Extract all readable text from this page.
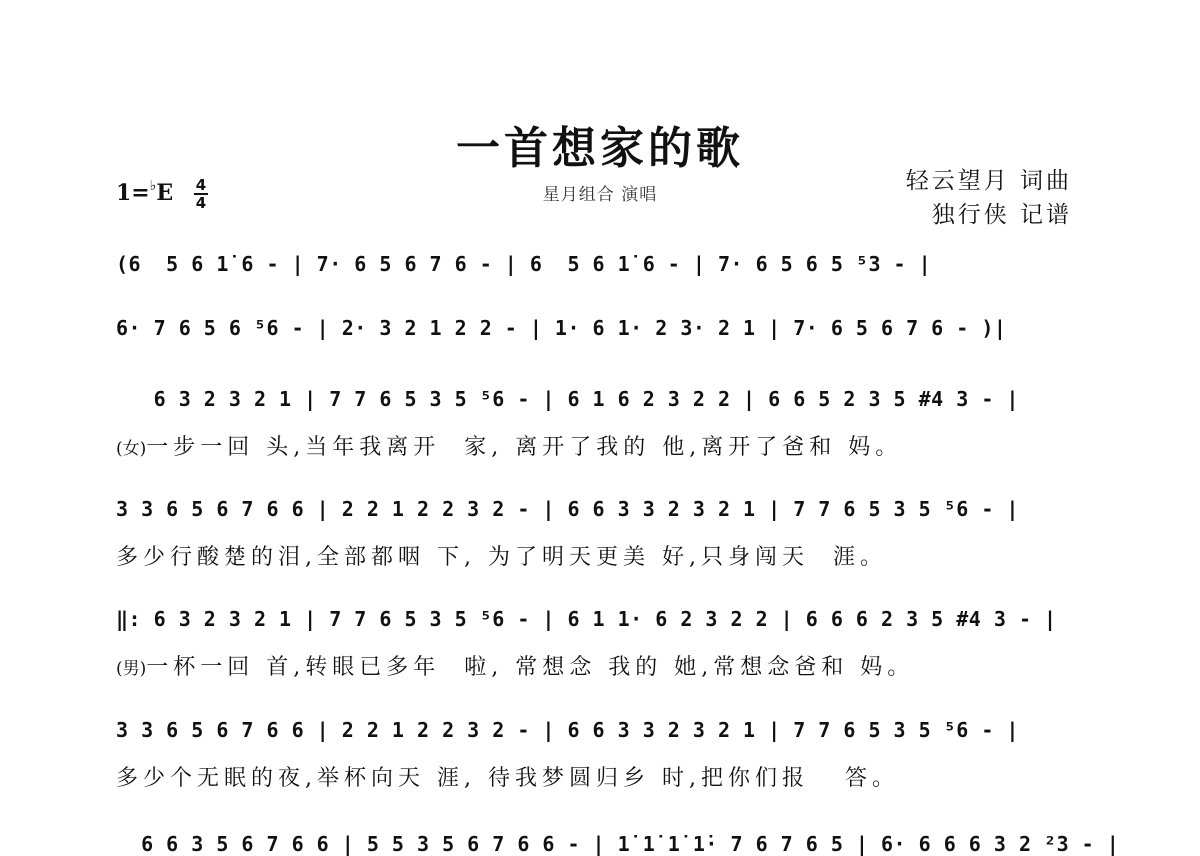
一首想家的歌
星月组合 演唱
轻云望月 词曲
独行侠 记谱
1=♭E 4
4
(6  5 6 1̇ 6 - | 7· 6 5 6 7 6 - | 6  5 6 1̇ 6 - | 7· 6 5 6 5 ⁵3 - |
6· 7 6 5 6 ⁵6 - | 2· 3 2 1 2 2 - | 1· 6 1· 2 3· 2 1 | 7· 6 5 6 7 6 - )|
6 3 2 3 2 1 | 7 7 6 5 3 5 ⁵6 - | 6 1 6 2 3 2 2 | 6 6 5 2 3 5 #4 3 - |
(女)一步一回 头,当年我离开  家, 离开了我的 他,离开了爸和 妈。
3 3 6 5 6 7 6 6 | 2 2 1 2 2 3 2 - | 6 6 3 3 2 3 2 1 | 7 7 6 5 3 5 ⁵6 - |
多少行酸楚的泪,全部都咽 下, 为了明天更美 好,只身闯天  涯。
‖: 6 3 2 3 2 1 | 7 7 6 5 3 5 ⁵6 - | 6 1 1· 6 2 3 2 2 | 6 6 6 2 3 5 #4 3 - |
(男)一杯一回 首,转眼已多年  啦, 常想念 我的 她,常想念爸和 妈。
3 3 6 5 6 7 6 6 | 2 2 1 2 2 3 2 - | 6 6 3 3 2 3 2 1 | 7 7 6 5 3 5 ⁵6 - |
多少个无眠的夜,举杯向天 涯, 待我梦圆归乡 时,把你们报   答。
6 6 3 5 6 7 6 6 | 5 5 3 5 6 7 6 6 - | 1̇ 1̇ 1̇ 1̇· 7 6 7 6 5 | 6· 6 6 6 3 2 ²3 - |
